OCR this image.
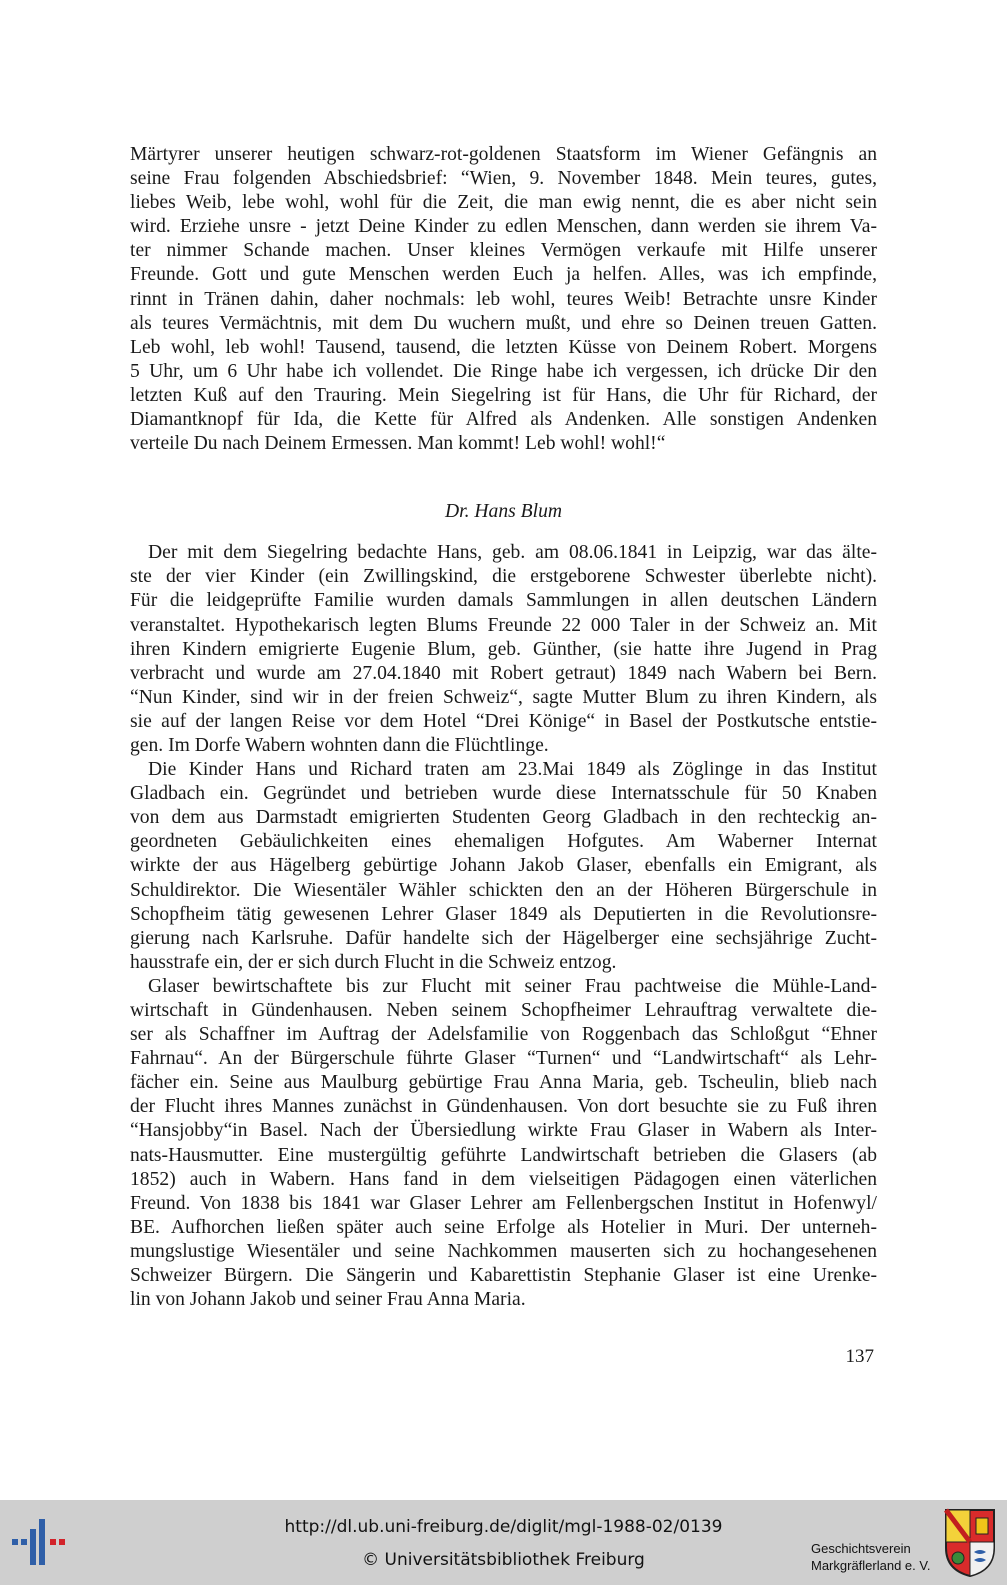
Märtyrer unserer heutigen schwarz-rot-goldenen Staatsform im Wiener Gefängnis an
seine Frau folgenden Abschiedsbrief: “Wien, 9. November 1848. Mein teures, gutes,
liebes Weib, lebe wohl, wohl für die Zeit, die man ewig nennt, die es aber nicht sein
wird. Erziehe unsre - jetzt Deine Kinder zu edlen Menschen, dann werden sie ihrem Va-
ter nimmer Schande machen. Unser kleines Vermögen verkaufe mit Hilfe unserer
Freunde. Gott und gute Menschen werden Euch ja helfen. Alles, was ich empfinde,
rinnt in Tränen dahin, daher nochmals: leb wohl, teures Weib! Betrachte unsre Kinder
als teures Vermächtnis, mit dem Du wuchern mußt, und ehre so Deinen treuen Gatten.
Leb wohl, leb wohl! Tausend, tausend, die letzten Küsse von Deinem Robert. Morgens
5 Uhr, um 6 Uhr habe ich vollendet. Die Ringe habe ich vergessen, ich drücke Dir den
letzten Kuß auf den Trauring. Mein Siegelring ist für Hans, die Uhr für Richard, der
Diamantknopf für Ida, die Kette für Alfred als Andenken. Alle sonstigen Andenken
verteile Du nach Deinem Ermessen. Man kommt! Leb wohl! wohl!“
Dr. Hans Blum
Der mit dem Siegelring bedachte Hans, geb. am 08.06.1841 in Leipzig, war das älte-
ste der vier Kinder (ein Zwillingskind, die erstgeborene Schwester überlebte nicht).
Für die leidgeprüfte Familie wurden damals Sammlungen in allen deutschen Ländern
veranstaltet. Hypothekarisch legten Blums Freunde 22 000 Taler in der Schweiz an. Mit
ihren Kindern emigrierte Eugenie Blum, geb. Günther, (sie hatte ihre Jugend in Prag
verbracht und wurde am 27.04.1840 mit Robert getraut) 1849 nach Wabern bei Bern.
“Nun Kinder, sind wir in der freien Schweiz“, sagte Mutter Blum zu ihren Kindern, als
sie auf der langen Reise vor dem Hotel “Drei Könige“ in Basel der Postkutsche entstie-
gen. Im Dorfe Wabern wohnten dann die Flüchtlinge.
Die Kinder Hans und Richard traten am 23.Mai 1849 als Zöglinge in das Institut
Gladbach ein. Gegründet und betrieben wurde diese Internatsschule für 50 Knaben
von dem aus Darmstadt emigrierten Studenten Georg Gladbach in den rechteckig an-
geordneten Gebäulichkeiten eines ehemaligen Hofgutes. Am Waberner Internat
wirkte der aus Hägelberg gebürtige Johann Jakob Glaser, ebenfalls ein Emigrant, als
Schuldirektor. Die Wiesentäler Wähler schickten den an der Höheren Bürgerschule in
Schopfheim tätig gewesenen Lehrer Glaser 1849 als Deputierten in die Revolutionsre-
gierung nach Karlsruhe. Dafür handelte sich der Hägelberger eine sechsjährige Zucht-
hausstrafe ein, der er sich durch Flucht in die Schweiz entzog.
Glaser bewirtschaftete bis zur Flucht mit seiner Frau pachtweise die Mühle-Land-
wirtschaft in Gündenhausen. Neben seinem Schopfheimer Lehrauftrag verwaltete die-
ser als Schaffner im Auftrag der Adelsfamilie von Roggenbach das Schloßgut “Ehner
Fahrnau“. An der Bürgerschule führte Glaser “Turnen“ und “Landwirtschaft“ als Lehr-
fächer ein. Seine aus Maulburg gebürtige Frau Anna Maria, geb. Tscheulin, blieb nach
der Flucht ihres Mannes zunächst in Gündenhausen. Von dort besuchte sie zu Fuß ihren
“Hansjobby“in Basel. Nach der Übersiedlung wirkte Frau Glaser in Wabern als Inter-
nats-Hausmutter. Eine mustergültig geführte Landwirtschaft betrieben die Glasers (ab
1852) auch in Wabern. Hans fand in dem vielseitigen Pädagogen einen väterlichen
Freund. Von 1838 bis 1841 war Glaser Lehrer am Fellenbergschen Institut in Hofenwyl/
BE. Aufhorchen ließen später auch seine Erfolge als Hotelier in Muri. Der unterneh-
mungslustige Wiesentäler und seine Nachkommen mauserten sich zu hochangesehenen
Schweizer Bürgern. Die Sängerin und Kabarettistin Stephanie Glaser ist eine Urenke-
lin von Johann Jakob und seiner Frau Anna Maria.
137
http://dl.ub.uni-freiburg.de/diglit/mgl-1988-02/0139
© Universitätsbibliothek Freiburg
Geschichtsverein
Markgräflerland e. V.
